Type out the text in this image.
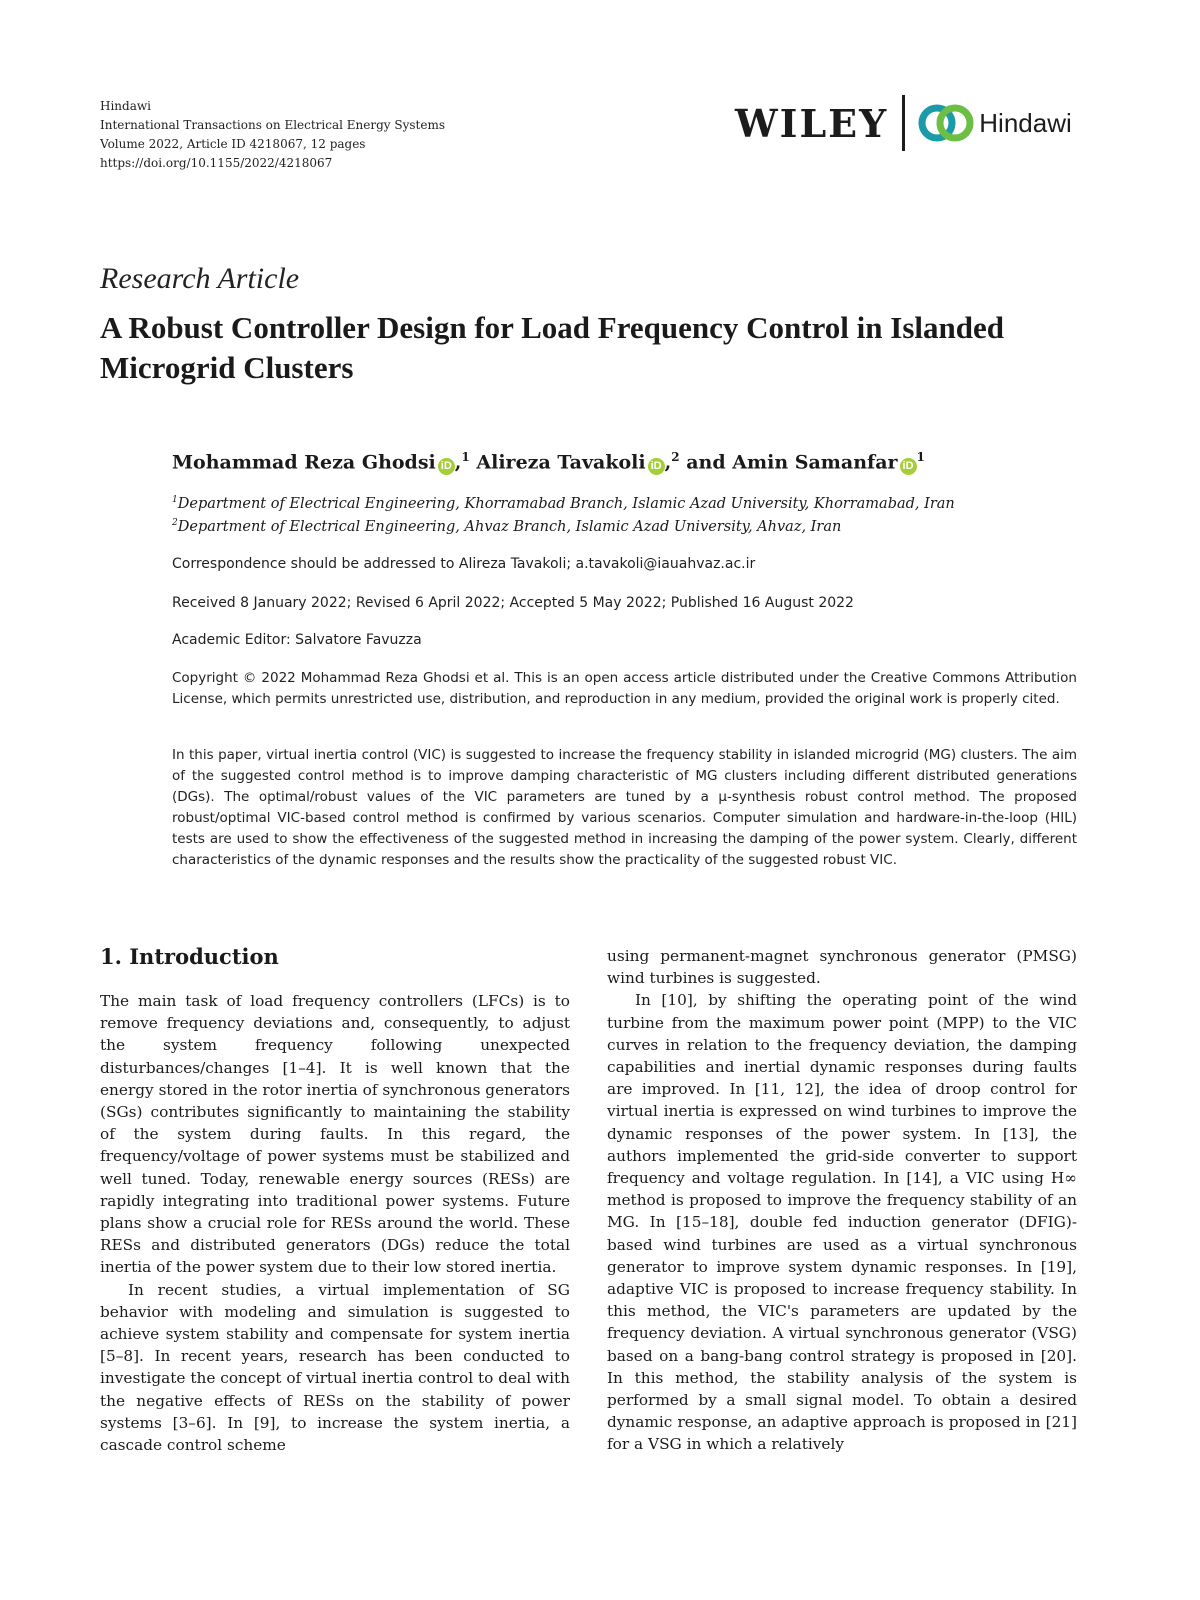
Hindawi
International Transactions on Electrical Energy Systems
Volume 2022, Article ID 4218067, 12 pages
https://doi.org/10.1155/2022/4218067
WILEY	Hindawi
Research Article
A Robust Controller Design for Load Frequency Control in Islanded Microgrid Clusters
Mohammad Reza Ghodsi iD ,$^1$ Alireza Tavakoli iD ,$^2$ and Amin Samanfar $iD^1$
$^1$Department of Electrical Engineering, Khorramabad Branch, Islamic Azad University, Khorramabad, Iran
$^2$Department of Electrical Engineering, Ahvaz Branch, Islamic Azad University, Ahvaz, Iran
Correspondence should be addressed to Alireza Tavakoli; a.tavakoli@iauahvaz.ac.ir
Received 8 January 2022; Revised 6 April 2022; Accepted 5 May 2022; Published 16 August 2022
Academic Editor: Salvatore Favuzza

Copyright © 2022 Mohammad Reza Ghodsi et al. This is an open access article distributed under the Creative Commons Attribution License, which permits unrestricted use, distribution, and reproduction in any medium, provided the original work is properly cited.

In this paper, virtual inertia control (VIC) is suggested to increase the frequency stability in islanded microgrid (MG) clusters. The aim of the suggested control method is to improve damping characteristic of MG clusters including different distributed generations (DGs). The optimal/robust values of the VIC parameters are tuned by a μ-synthesis robust control method. The proposed robust/optimal VIC-based control method is confirmed by various scenarios. Computer simulation and hardware-in-the-loop (HIL) tests are used to show the effectiveness of the suggested method in increasing the damping of the power system. Clearly, different characteristics of the dynamic responses and the results show the practicality of the suggested robust VIC.

1. Introduction

The main task of load frequency controllers (LFCs) is to remove frequency deviations and, consequently, to adjust the system frequency following unexpected disturbances/changes [1–4]. It is well known that the energy stored in the rotor inertia of synchronous generators (SGs) contributes significantly to maintaining the stability of the system during faults. In this regard, the frequency/voltage of power systems must be stabilized and well tuned. Today, renewable energy sources (RESs) are rapidly integrating into traditional power systems. Future plans show a crucial role for RESs around the world. These RESs and distributed generators (DGs) reduce the total inertia of the power system due to their low stored inertia.

In recent studies, a virtual implementation of SG behavior with modeling and simulation is suggested to achieve system stability and compensate for system inertia [5–8]. In recent years, research has been conducted to investigate the concept of virtual inertia control to deal with the negative effects of RESs on the stability of power systems [3–6]. In [9], to increase the system inertia, a cascade control scheme

using permanent-magnet synchronous generator (PMSG) wind turbines is suggested.

In [10], by shifting the operating point of the wind turbine from the maximum power point (MPP) to the VIC curves in relation to the frequency deviation, the damping capabilities and inertial dynamic responses during faults are improved. In [11, 12], the idea of droop control for virtual inertia is expressed on wind turbines to improve the dynamic responses of the power system. In [13], the authors implemented the grid-side converter to support frequency and voltage regulation. In [14], a VIC using H∞ method is proposed to improve the frequency stability of an MG. In [15–18], double fed induction generator (DFIG)-based wind turbines are used as a virtual synchronous generator to improve system dynamic responses. In [19], adaptive VIC is proposed to increase frequency stability. In this method, the VIC's parameters are updated by the frequency deviation. A virtual synchronous generator (VSG) based on a bang-bang control strategy is proposed in [20]. In this method, the stability analysis of the system is performed by a small signal model. To obtain a desired dynamic response, an adaptive approach is proposed in [21] for a VSG in which a relatively
